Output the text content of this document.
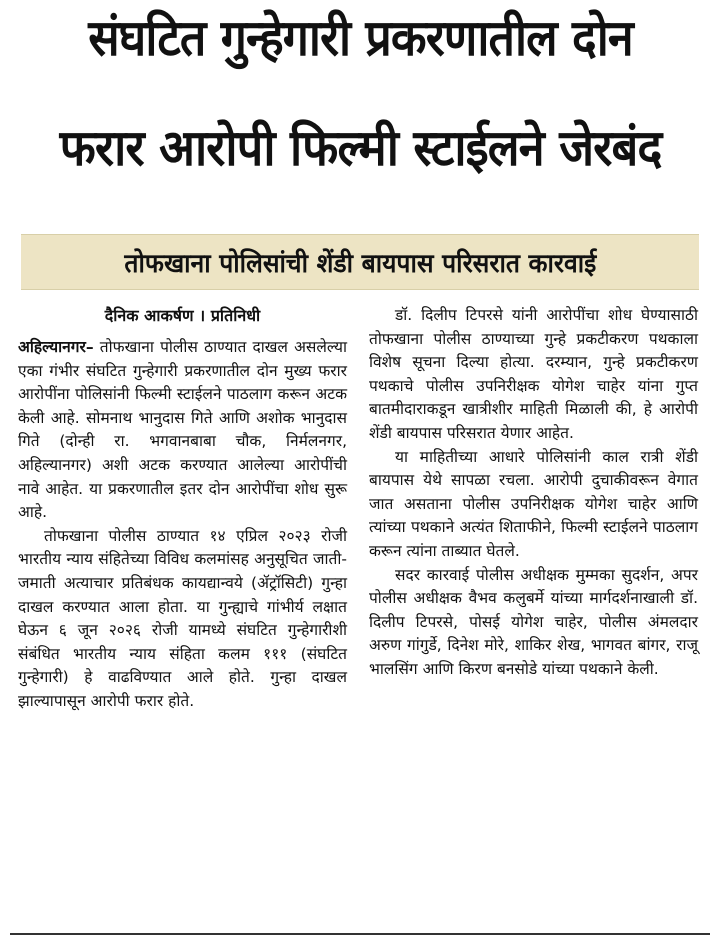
संघटित गुन्हेगारी प्रकरणातील दोन
फरार आरोपी फिल्मी स्टाईलने जेरबंद
तोफखाना पोलिसांची शेंडी बायपास परिसरात कारवाई
दैनिक आकर्षण । प्रतिनिधी

अहिल्यानगर– तोफखाना पोलीस ठाण्यात दाखल असलेल्या एका गंभीर संघटित गुन्हेगारी प्रकरणातील दोन मुख्य फरार आरोपींना पोलिसांनी फिल्मी स्टाईलने पाठलाग करून अटक केली आहे. सोमनाथ भानुदास गिते आणि अशोक भानुदास गिते (दोन्ही रा. भगवानबाबा चौक, निर्मलनगर, अहिल्यानगर) अशी अटक करण्यात आलेल्या आरोपींची नावे आहेत. या प्रकरणातील इतर दोन आरोपींचा शोध सुरू आहे.

तोफखाना पोलीस ठाण्यात १४ एप्रिल २०२३ रोजी भारतीय न्याय संहितेच्या विविध कलमांसह अनुसूचित जाती-जमाती अत्याचार प्रतिबंधक कायद्यान्वये (ॲट्रॉसिटी) गुन्हा दाखल करण्यात आला होता. या गुन्ह्याचे गांभीर्य लक्षात घेऊन ६ जून २०२६ रोजी यामध्ये संघटित गुन्हेगारीशी संबंधित भारतीय न्याय संहिता कलम १११ (संघटित गुन्हेगारी) हे वाढविण्यात आले होते. गुन्हा दाखल झाल्यापासून आरोपी फरार होते.

डॉ. दिलीप टिपरसे यांनी आरोपींचा शोध घेण्यासाठी तोफखाना पोलीस ठाण्याच्या गुन्हे प्रकटीकरण पथकाला विशेष सूचना दिल्या होत्या. दरम्यान, गुन्हे प्रकटीकरण पथकाचे पोलीस उपनिरीक्षक योगेश चाहेर यांना गुप्त बातमीदाराकडून खात्रीशीर माहिती मिळाली की, हे आरोपी शेंडी बायपास परिसरात येणार आहेत.

या माहितीच्या आधारे पोलिसांनी काल रात्री शेंडी बायपास येथे सापळा रचला. आरोपी दुचाकीवरून वेगात जात असताना पोलीस उपनिरीक्षक योगेश चाहेर आणि त्यांच्या पथकाने अत्यंत शिताफीने, फिल्मी स्टाईलने पाठलाग करून त्यांना ताब्यात घेतले.

सदर कारवाई पोलीस अधीक्षक मुम्मका सुदर्शन, अपर पोलीस अधीक्षक वैभव कलुबर्मे यांच्या मार्गदर्शनाखाली डॉ. दिलीप टिपरसे, पोसई योगेश चाहेर, पोलीस अंमलदार अरुण गांगुर्डे, दिनेश मोरे, शाकिर शेख, भागवत बांगर, राजू भालसिंग आणि किरण बनसोडे यांच्या पथकाने केली.
